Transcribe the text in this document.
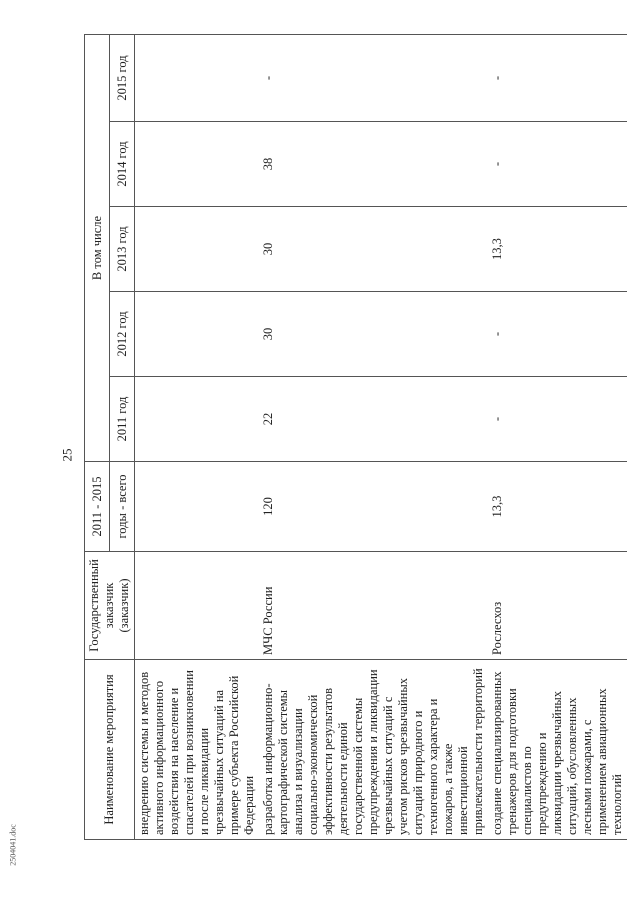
25
2504041.doc
Наименование мероприятия	Государственный заказчик (заказчик)	2011 - 2015	В том числе				
		годы - всего	2011 год	2012 год	2013 год	2014 год	2015 год
внедрению системы и методов активного информационного воздействия на население и спасателей при возникновении и после ликвидации чрезвычайных ситуаций на примере субъекта Российской Федерации							
разработка информационно-картографической системы анализа и визуализации социально-экономической эффективности результатов деятельности единой государственной системы предупреждения и ликвидации чрезвычайных ситуаций с учетом рисков чрезвычайных ситуаций природного и техногенного характера и пожаров, а также инвестиционной привлекательности территорий	МЧС России	120	22	30	30	38	-
создание специализированных тренажеров для подготовки специалистов по предупреждению и ликвидации чрезвычайных ситуаций, обусловленных лесными пожарами, с применением авиационных технологий	Рослесхоз	13,3	-	-	13,3	-	-
